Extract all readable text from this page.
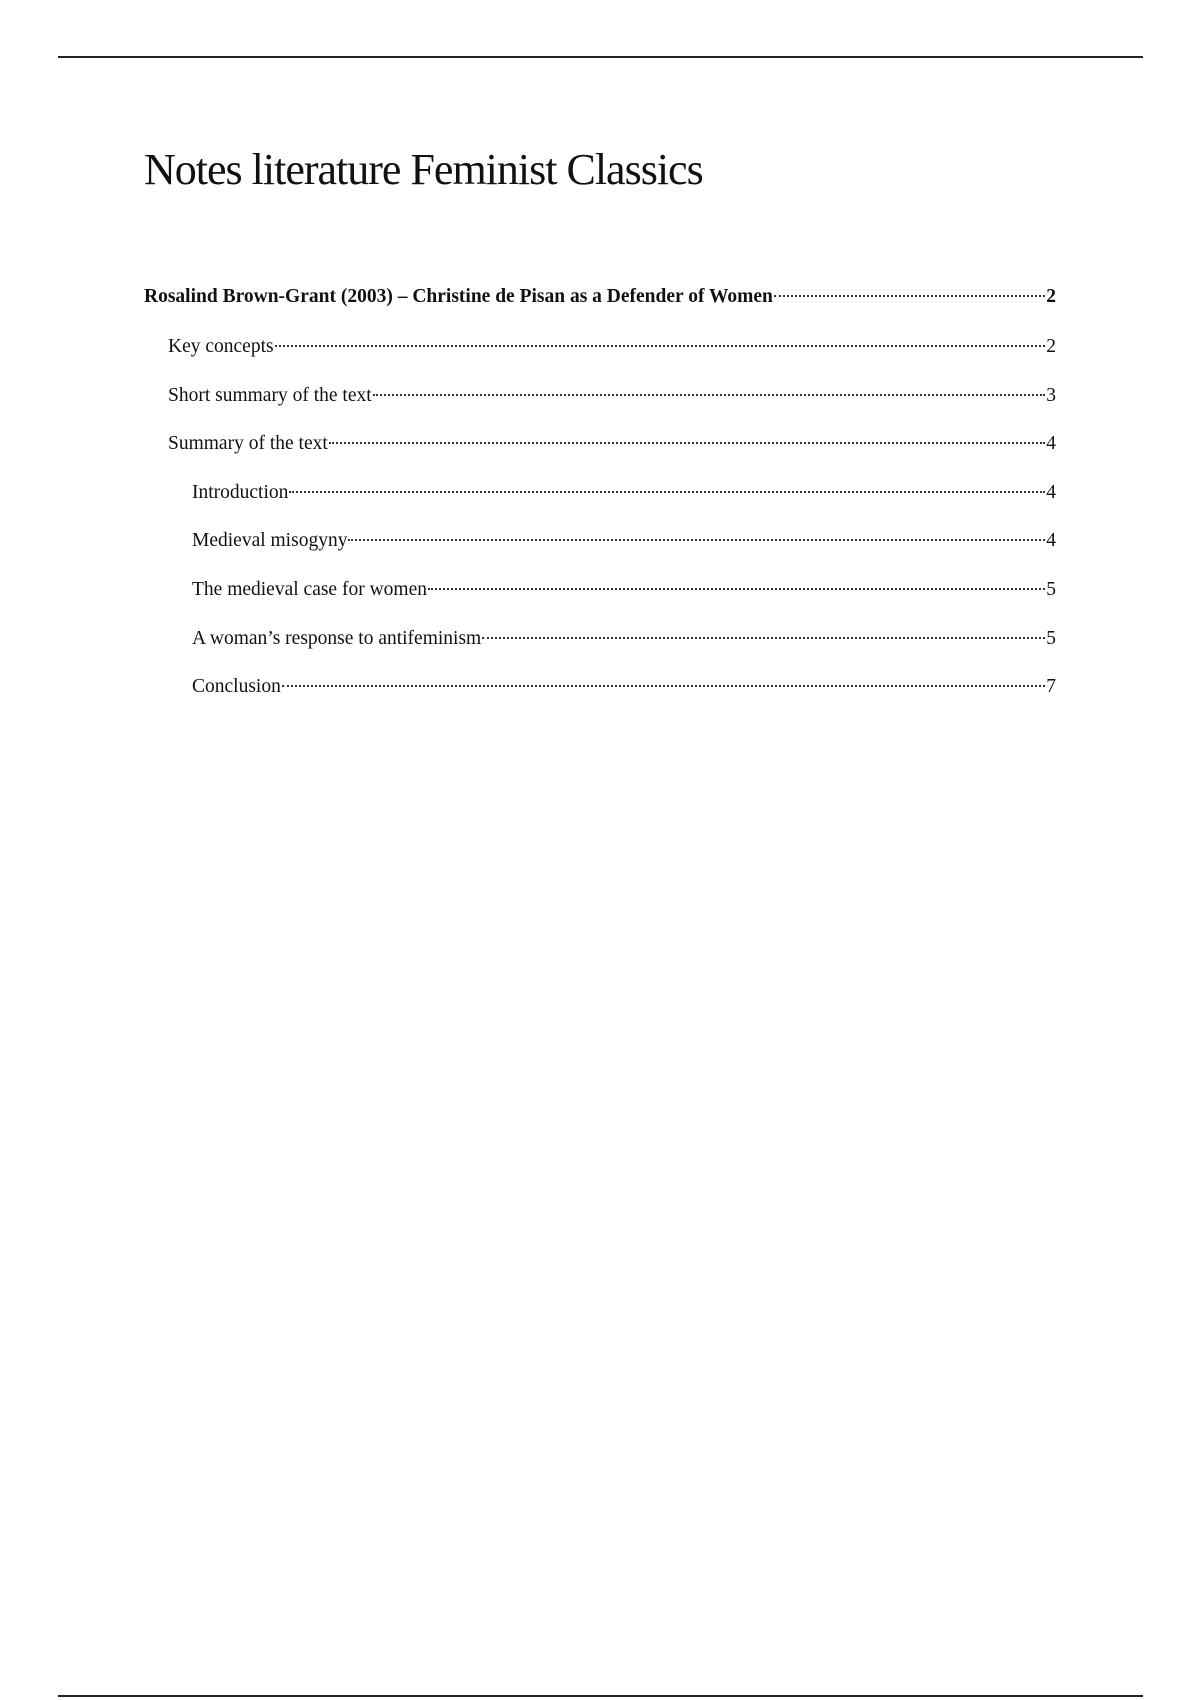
Notes literature Feminist Classics
Rosalind Brown-Grant (2003) – Christine de Pisan as a Defender of Women	2
Key concepts	2
Short summary of the text	3
Summary of the text	4
Introduction	4
Medieval misogyny	4
The medieval case for women	5
A woman’s response to antifeminism	5
Conclusion	7
